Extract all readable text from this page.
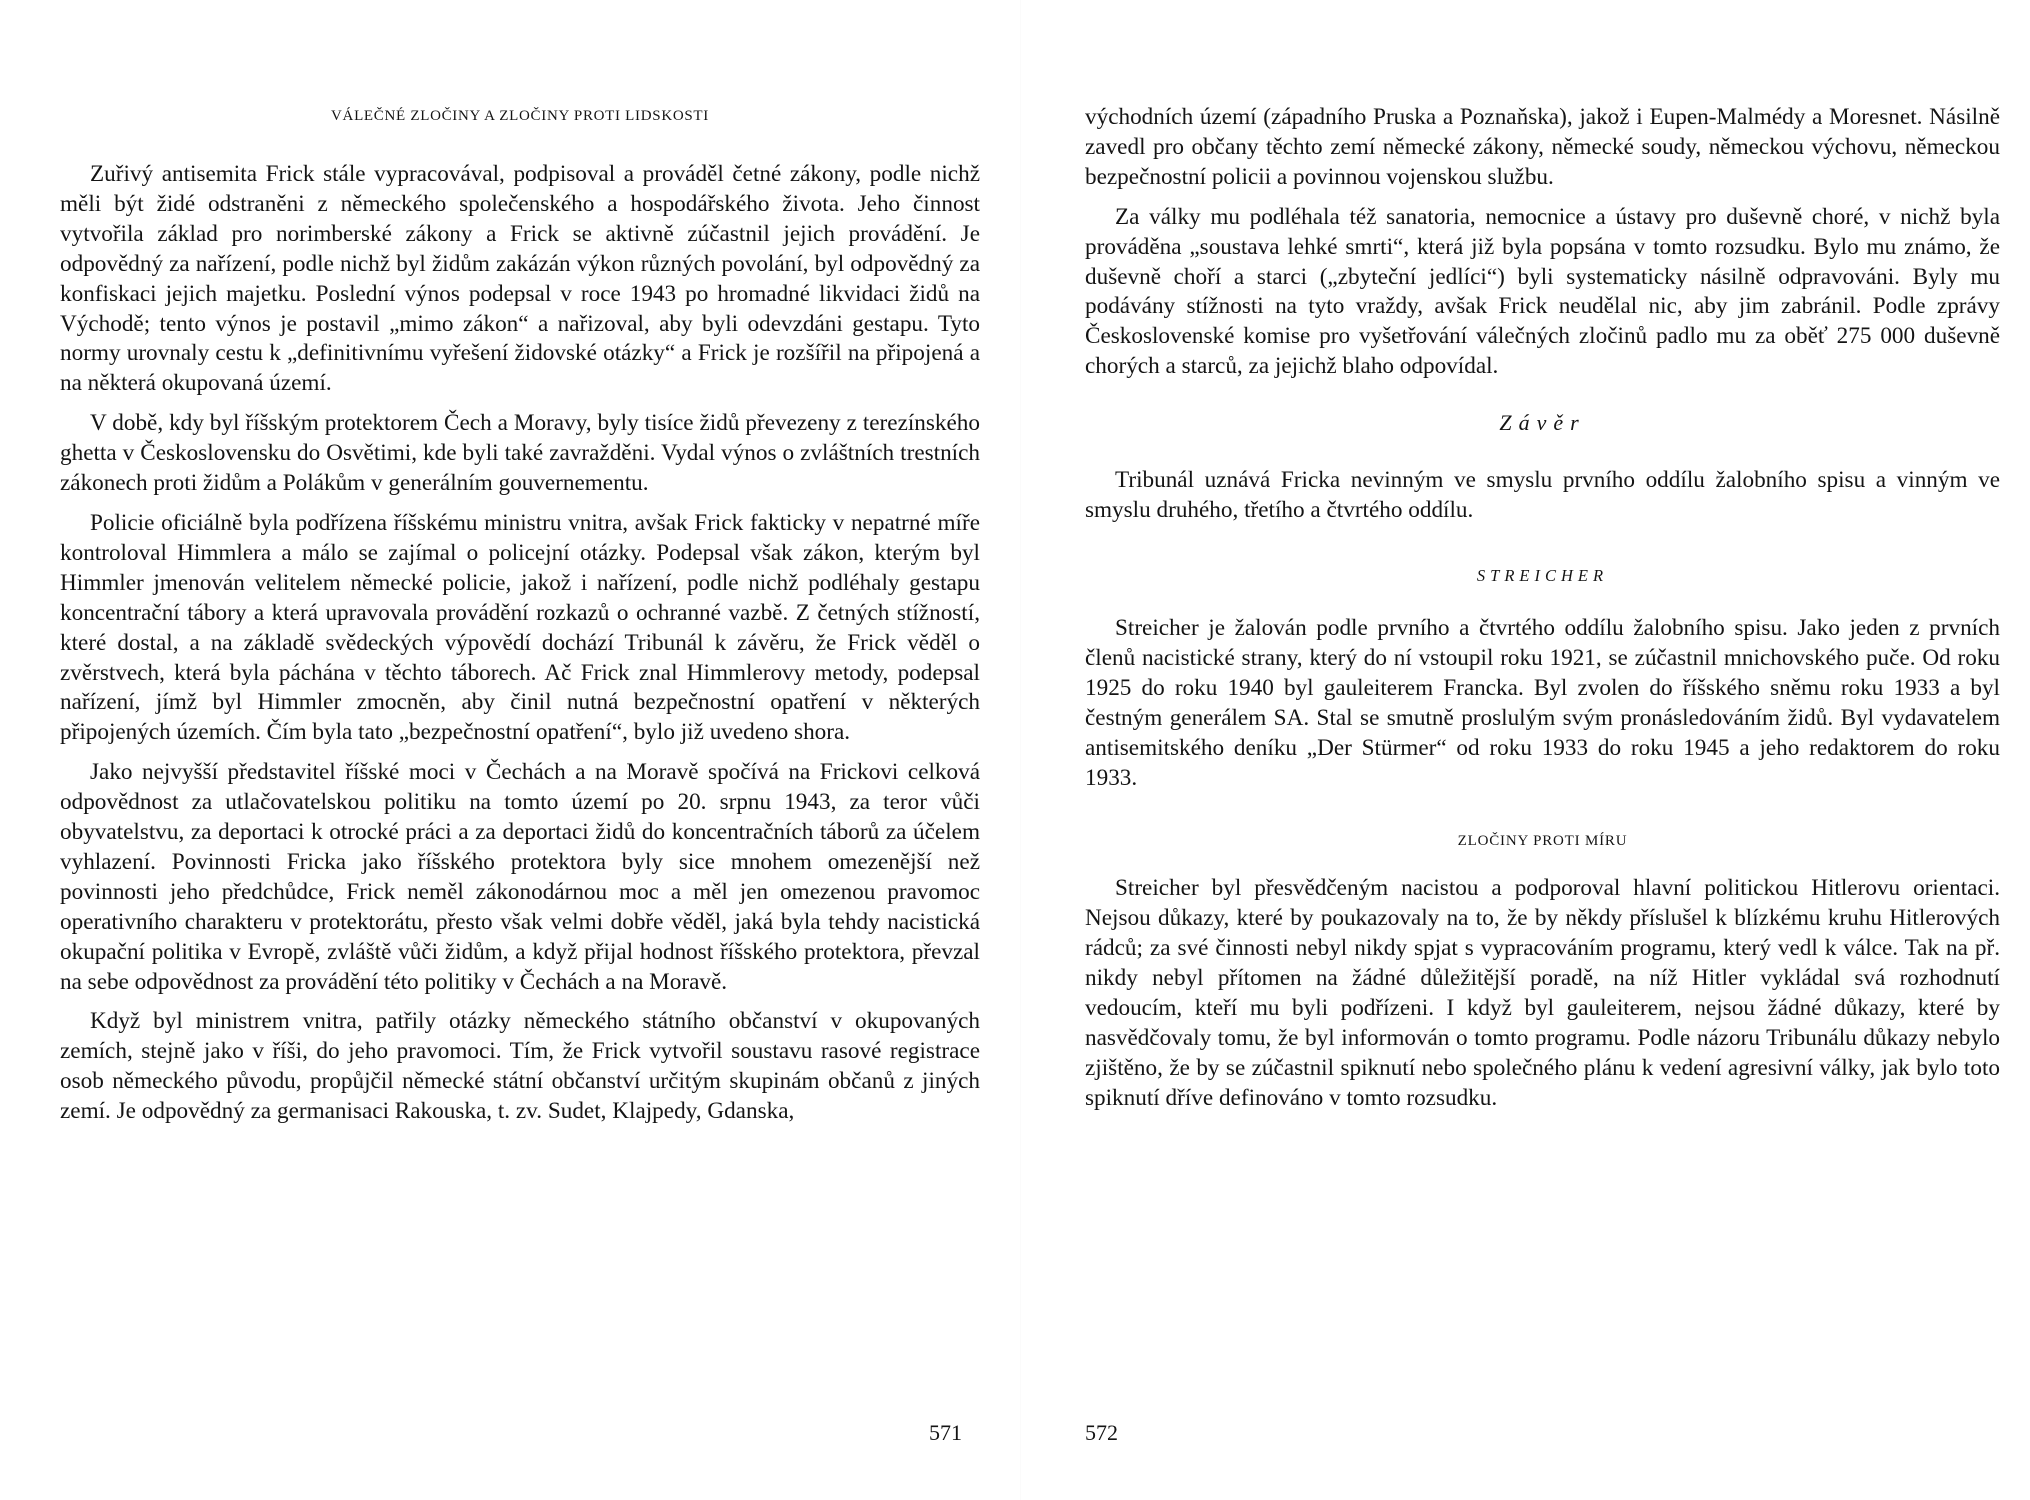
VÁLEČNÉ ZLOČINY A ZLOČINY PROTI LIDSKOSTI

Zuřivý antisemita Frick stále vypracovával, podpisoval a prováděl četné zákony, podle nichž měli být židé odstraněni z německého společenského a hospodářského života. Jeho činnost vytvořila základ pro norimberské zákony a Frick se aktivně zúčastnil jejich provádění. Je odpovědný za nařízení, podle nichž byl židům zakázán výkon různých povolání, byl odpovědný za konfiskaci jejich majetku. Poslední výnos podepsal v roce 1943 po hromadné likvidaci židů na Východě; tento výnos je postavil „mimo zákon“ a nařizoval, aby byli odevzdáni gestapu. Tyto normy urovnaly cestu k „definitivnímu vyřešení židovské otázky“ a Frick je rozšířil na připojená a na některá okupovaná území.

V době, kdy byl říšským protektorem Čech a Moravy, byly tisíce židů převezeny z terezínského ghetta v Československu do Osvětimi, kde byli také zavražděni. Vydal výnos o zvláštních trestních zákonech proti židům a Polákům v generálním gouvernementu.

Policie oficiálně byla podřízena říšskému ministru vnitra, avšak Frick fakticky v nepatrné míře kontroloval Himmlera a málo se zajímal o policejní otázky. Podepsal však zákon, kterým byl Himmler jmenován velitelem německé policie, jakož i nařízení, podle nichž podléhaly gestapu koncentrační tábory a která upravovala provádění rozkazů o ochranné vazbě. Z četných stížností, které dostal, a na základě svědeckých výpovědí dochází Tribunál k závěru, že Frick věděl o zvěrstvech, která byla páchána v těchto táborech. Ač Frick znal Himmlerovy metody, podepsal nařízení, jímž byl Himmler zmocněn, aby činil nutná bezpečnostní opatření v některých připojených územích. Čím byla tato „bezpečnostní opatření“, bylo již uvedeno shora.

Jako nejvyšší představitel říšské moci v Čechách a na Moravě spočívá na Frickovi celková odpovědnost za utlačovatelskou politiku na tomto území po 20. srpnu 1943, za teror vůči obyvatelstvu, za deportaci k otrocké práci a za deportaci židů do koncentračních táborů za účelem vyhlazení. Povinnosti Fricka jako říšského protektora byly sice mnohem omezenější než povinnosti jeho předchůdce, Frick neměl zákonodárnou moc a měl jen omezenou pravomoc operativního charakteru v protektorátu, přesto však velmi dobře věděl, jaká byla tehdy nacistická okupační politika v Evropě, zvláště vůči židům, a když přijal hodnost říšského protektora, převzal na sebe odpovědnost za provádění této politiky v Čechách a na Moravě.

Když byl ministrem vnitra, patřily otázky německého státního občanství v okupovaných zemích, stejně jako v říši, do jeho pravomoci. Tím, že Frick vytvořil soustavu rasové registrace osob německého původu, propůjčil německé státní občanství určitým skupinám občanů z jiných zemí. Je odpovědný za germanisaci Rakouska, t. zv. Sudet, Klajpedy, Gdanska,

571

východních území (západního Pruska a Poznaňska), jakož i Eupen-Malmédy a Moresnet. Násilně zavedl pro občany těchto zemí německé zákony, německé soudy, německou výchovu, německou bezpečnostní policii a povinnou vojenskou službu.

Za války mu podléhala též sanatoria, nemocnice a ústavy pro duševně choré, v nichž byla prováděna „soustava lehké smrti“, která již byla popsána v tomto rozsudku. Bylo mu známo, že duševně choří a starci („zbyteční jedlíci“) byli systematicky násilně odpravováni. Byly mu podávány stížnosti na tyto vraždy, avšak Frick neudělal nic, aby jim zabránil. Podle zprávy Československé komise pro vyšetřování válečných zločinů padlo mu za oběť 275 000 duševně chorých a starců, za jejichž blaho odpovídal.

Závěr

Tribunál uznává Fricka nevinným ve smyslu prvního oddílu žalobního spisu a vinným ve smyslu druhého, třetího a čtvrtého oddílu.

STREICHER

Streicher je žalován podle prvního a čtvrtého oddílu žalobního spisu. Jako jeden z prvních členů nacistické strany, který do ní vstoupil roku 1921, se zúčastnil mnichovského puče. Od roku 1925 do roku 1940 byl gauleiterem Francka. Byl zvolen do říšského sněmu roku 1933 a byl čestným generálem SA. Stal se smutně proslulým svým pronásledováním židů. Byl vydavatelem antisemitského deníku „Der Stürmer“ od roku 1933 do roku 1945 a jeho redaktorem do roku 1933.

ZLOČINY PROTI MÍRU

Streicher byl přesvědčeným nacistou a podporoval hlavní politickou Hitlerovu orientaci. Nejsou důkazy, které by poukazovaly na to, že by někdy příslušel k blízkému kruhu Hitlerových rádců; za své činnosti nebyl nikdy spjat s vypracováním programu, který vedl k válce. Tak na př. nikdy nebyl přítomen na žádné důležitější poradě, na níž Hitler vykládal svá rozhodnutí vedoucím, kteří mu byli podřízeni. I když byl gauleiterem, nejsou žádné důkazy, které by nasvědčovaly tomu, že byl informován o tomto programu. Podle názoru Tribunálu důkazy nebylo zjištěno, že by se zúčastnil spiknutí nebo společného plánu k vedení agresivní války, jak bylo toto spiknutí dříve definováno v tomto rozsudku.

572
